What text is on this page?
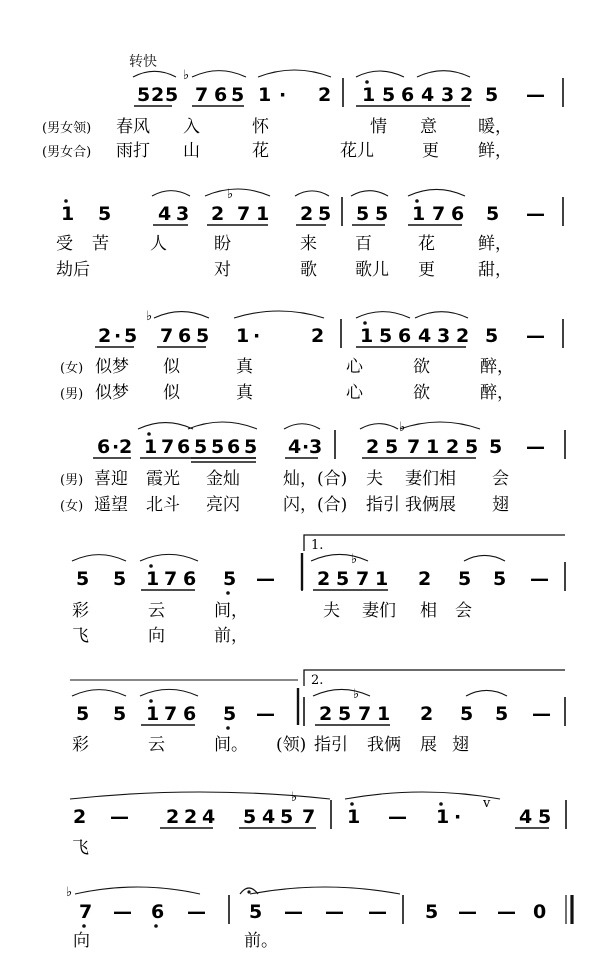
5 2 5
♭
7 6 5 1 · 2 1 5 6 4 3 2 5 —
(男女领) 春风 入	怀	情 意 暖，
(男女合) 雨打 山	花	花儿	更 鲜，
1 5 4 3 2
♭
7 1 2 5 5 5 1 7 6 5 —
受 苦 人	盼	来 百	花	鲜，
劫后	对	歌 歌儿 更	甜，
♭
2 · 5 7 6 5 1 ·	2 1 5 6 4 3 2 5 —
(女) 似梦 似	真	心	欲	醉，
(男) 似梦 似	真	心	欲	醉，
6 · 2 1 7 6 5 5 6 5 4 · 3 2 5
♭
7 1 2 5 5 —
(男) 喜迎 霞光 金灿	灿，(合) 夫 妻们相 会
(女) 遥望 北斗 亮闪	闪，(合) 指引 我俩展 翅
1.
5 5 1 7 6 5 — 2 5
♭
7 1 2 5 5 —
彩	云	间，	夫 妻们 相 会
飞	向	前，
2.
5 5 1 7 6 5 — 2 5
♭
7 1 2 5 5 —
彩	云	间。 (领) 指引 我俩 展 翅
2 — 2 2 4 5 4 5
♭
7 1 — 1 ·
v
4 5
飞
♭
7 — 6 — 5 — — — 5 — — 0
向	前。
转快
